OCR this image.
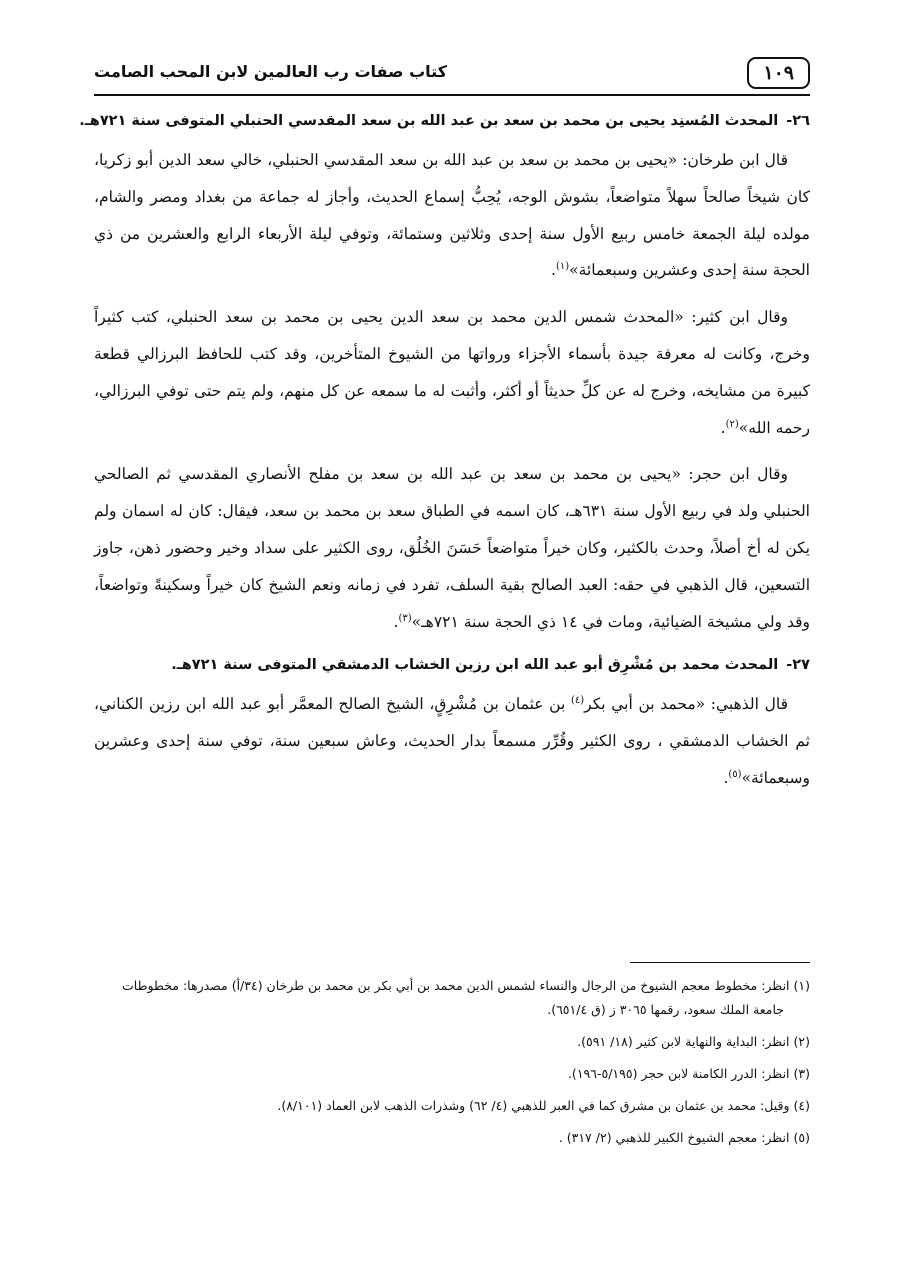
١٠٩
كتاب صفات رب العالمين لابن المحب الصامت
٢٦-المحدث المُسنِد يحيى بن محمد بن سعد بن عبد الله بن سعد المقدسي الحنبلي المتوفى سنة ٧٢١هـ.

قال ابن طرخان: «يحيى بن محمد بن سعد بن عبد الله بن سعد المقدسي الحنبلي، خالي سعد الدين أبو زكريا، كان شيخاً صالحاً سهلاً متواضعاً، بشوش الوجه، يُحِبُّ إسماع الحديث، وأجاز له جماعة من بغداد ومصر والشام، مولده ليلة الجمعة خامس ربيع الأول سنة إحدى وثلاثين وستمائة، وتوفي ليلة الأربعاء الرابع والعشرين من ذي الحجة سنة إحدى وعشرين وسبعمائة»$^{(١)}$.

وقال ابن كثير: «المحدث شمس الدين محمد بن سعد الدين يحيى بن محمد بن سعد الحنبلي، كتب كثيراً وخرج، وكانت له معرفة جيدة بأسماء الأجزاء ورواتها من الشيوخ المتأخرين، وقد كتب للحافظ البرزالي قطعة كبيرة من مشايخه، وخرج له عن كلِّ حديثاً أو أكثر، وأثبت له ما سمعه عن كل منهم، ولم يتم حتى توفي البرزالي، رحمه الله»$^{(٢)}$.

وقال ابن حجر: «يحيى بن محمد بن سعد بن عبد الله بن سعد بن مفلح الأنصاري المقدسي ثم الصالحي الحنبلي ولد في ربيع الأول سنة ٦٣١هـ، كان اسمه في الطباق سعد بن محمد بن سعد، فيقال: كان له اسمان ولم يكن له أخ أصلاً، وحدث بالكثير، وكان خيراً متواضعاً حَسَنَ الخُلُق، روى الكثير على سداد وخير وحضور ذهن، جاوز التسعين، قال الذهبي في حقه: العبد الصالح بقية السلف، تفرد في زمانه ونعم الشيخ كان خيراً وسكينةً وتواضعاً، وقد ولي مشيخة الضيائية، ومات في ١٤ ذي الحجة سنة ٧٢١هـ»$^{(٣)}$.

٢٧-المحدث محمد بن مُشْرِق أبو عبد الله ابن رزين الخشاب الدمشقي المتوفى سنة ٧٢١هـ.

قال الذهبي: «محمد بن أبي بكر$^{(٤)}$ بن عثمان بن مُشْرِقٍ، الشيخ الصالح المعمَّر أبو عبد الله ابن رزين الكناني، ثم الخشاب الدمشقي ، روى الكثير وقُرِّر مسمعاً بدار الحديث، وعاش سبعين سنة، توفي سنة إحدى وعشرين وسبعمائة»$^{(٥)}$.

(١) انظر: مخطوط معجم الشيوخ من الرجال والنساء لشمس الدين محمد بن أبي بكر بن محمد بن طرخان (٣٤/أ) مصدرها: مخطوطات
جامعة الملك سعود، رقمها ٣٠٦٥ ز (ق ٦٥١/٤).
(٢) انظر: البداية والنهاية لابن كثير (١٨/ ٥٩١).
(٣) انظر: الدرر الكامنة لابن حجر (٥/١٩٥-١٩٦).
(٤) وقيل: محمد بن عثمان بن مشرق كما في العبر للذهبي (٤/ ٦٢) وشذرات الذهب لابن العماد (٨/١٠١).
(٥) انظر: معجم الشيوخ الكبير للذهبي (٢/ ٣١٧) .
